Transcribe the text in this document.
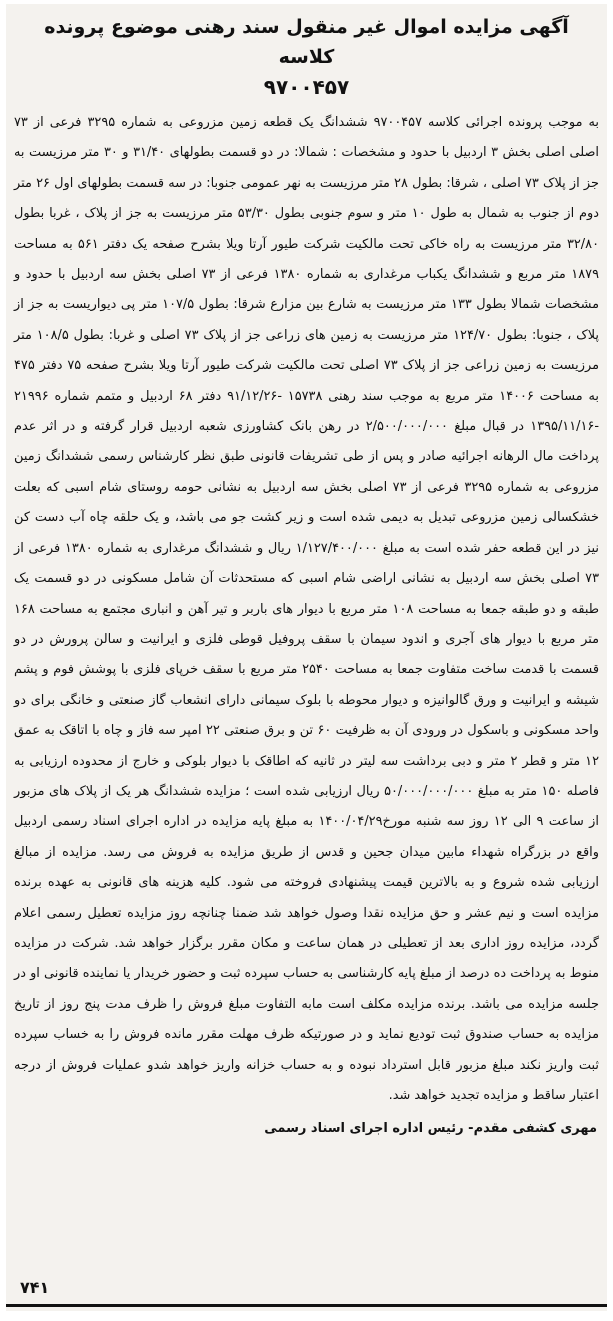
آگهی مزایده اموال غیر منقول سند رهنی موضوع پرونده کلاسه
۹۷۰۰۴۵۷

به موجب پرونده اجرائی کلاسه ۹۷۰۰۴۵۷ ششدانگ یک قطعه زمین مزروعی به شماره ۳۲۹۵ فرعی از ۷۳ اصلی اصلی بخش ۳ اردبیل با حدود و مشخصات : شمالا: در دو قسمت بطولهای ۳۱/۴۰ و ۳۰ متر مرزیست به جز از پلاک ۷۳ اصلی ، شرقا: بطول ۲۸ متر مرزیست به نهر عمومی جنوبا: در سه قسمت بطولهای اول ۲۶ متر دوم از جنوب به شمال به طول ۱۰ متر و سوم جنوبی بطول ۵۳/۳۰ متر مرزیست به جز از پلاک ، غربا بطول ۳۲/۸۰ متر مرزیست به راه خاکی تحت مالکیت شرکت طیور آرتا ویلا بشرح صفحه یک دفتر ۵۶۱ به مساحت ۱۸۷۹ متر مربع و ششدانگ یکباب مرغداری به شماره ۱۳۸۰ فرعی از ۷۳ اصلی بخش سه اردبیل با حدود و مشخصات شمالا بطول ۱۳۳ متر مرزیست به شارع بین مزارع شرقا: بطول ۱۰۷/۵ متر پی دیواریست به جز از پلاک ، جنوبا: بطول ۱۲۴/۷۰ متر مرزیست به زمین های زراعی جز از پلاک ۷۳ اصلی و غربا: بطول ۱۰۸/۵ متر مرزیست به زمین زراعی جز از پلاک ۷۳ اصلی تحت مالکیت شرکت طیور آرتا ویلا بشرح صفحه ۷۵ دفتر ۴۷۵ به مساحت ۱۴۰۰۶ متر مربع به موجب سند رهنی ۱۵۷۳۸ -۹۱/۱۲/۲۶ دفتر ۶۸ اردبیل و متمم شماره ۲۱۹۹۶ -۱۳۹۵/۱۱/۱۶ در قبال مبلغ ۲/۵۰۰/۰۰۰/۰۰۰ در رهن بانک کشاورزی شعبه اردبیل قرار گرفته و در اثر عدم پرداخت مال الرهانه اجرائیه صادر و پس از طی تشریفات قانونی طبق نظر کارشناس رسمی ششدانگ زمین مزروعی به شماره ۳۲۹۵ فرعی از ۷۳ اصلی بخش سه اردبیل به نشانی حومه روستای شام اسبی که بعلت خشکسالی زمین مزروعی تبدیل به دیمی شده است و زیر کشت جو می باشد، و یک حلقه چاه آب دست کن نیز در این قطعه حفر شده است به مبلغ ۱/۱۲۷/۴۰۰/۰۰۰ ریال و ششدانگ مرغداری به شماره ۱۳۸۰ فرعی از ۷۳ اصلی بخش سه اردبیل به نشانی اراضی شام اسبی که مستحدثات آن شامل مسکونی در دو قسمت یک طبقه و دو طبقه جمعا به مساحت ۱۰۸ متر مربع با دیوار های باربر و تیر آهن و انباری مجتمع به مساحت ۱۶۸ متر مربع با دیوار های آجری و اندود سیمان با سقف پروفیل قوطی فلزی و ایرانیت و سالن پرورش در دو قسمت با قدمت ساخت متفاوت جمعا به مساحت ۲۵۴۰ متر مربع با سقف خرپای فلزی با پوشش فوم و پشم شیشه و ایرانیت و ورق گالوانیزه و دیوار محوطه با بلوک سیمانی دارای انشعاب گاز صنعتی و خانگی برای دو واحد مسکونی و باسکول در ورودی آن به ظرفیت ۶۰ تن و برق صنعتی ۲۲ امپر سه فاز و چاه با اتاقک به عمق ۱۲ متر و قطر ۲ متر و دبی برداشت سه لیتر در ثانیه که اطاقک با دیوار بلوکی و خارج از محدوده ارزیابی به فاصله ۱۵۰ متر به مبلغ ۵۰/۰۰۰/۰۰۰/۰۰۰ ریال ارزیابی شده است ؛ مزایده ششدانگ هر یک از پلاک های مزبور از ساعت ۹ الی ۱۲ روز سه شنبه مورخ۱۴۰۰/۰۴/۲۹ به مبلغ پایه مزایده در اداره اجرای اسناد رسمی اردبیل واقع در بزرگراه شهداء مابین میدان جحین و قدس از طریق مزایده به فروش می رسد. مزایده از مبالغ ارزیابی شده شروع و به بالاترین قیمت پیشنهادی فروخته می شود. کلیه هزینه های قانونی به عهده برنده مزایده است و نیم عشر و حق مزایده نقدا وصول خواهد شد ضمنا چنانچه روز مزایده تعطیل رسمی اعلام گردد، مزایده روز اداری بعد از تعطیلی در همان ساعت و مکان مقرر برگزار خواهد شد. شرکت در مزایده منوط به پرداخت ده درصد از مبلغ پایه کارشناسی به حساب سپرده ثبت و حضور خریدار یا نماینده قانونی او در جلسه مزایده می باشد. برنده مزایده مکلف است مابه التفاوت مبلغ فروش را ظرف مدت پنج روز از تاریخ مزایده به حساب صندوق ثبت تودیع نماید و در صورتیکه ظرف مهلت مقرر مانده فروش را به خساب سپرده ثبت واریز نکند مبلغ مزبور قابل استرداد نبوده و به حساب خزانه واریز خواهد شدو عملیات فروش از درجه اعتبار ساقط و مزایده تجدید خواهد شد.

مهری کشفی مقدم- رئیس اداره اجرای اسناد رسمی
۷۴۱
